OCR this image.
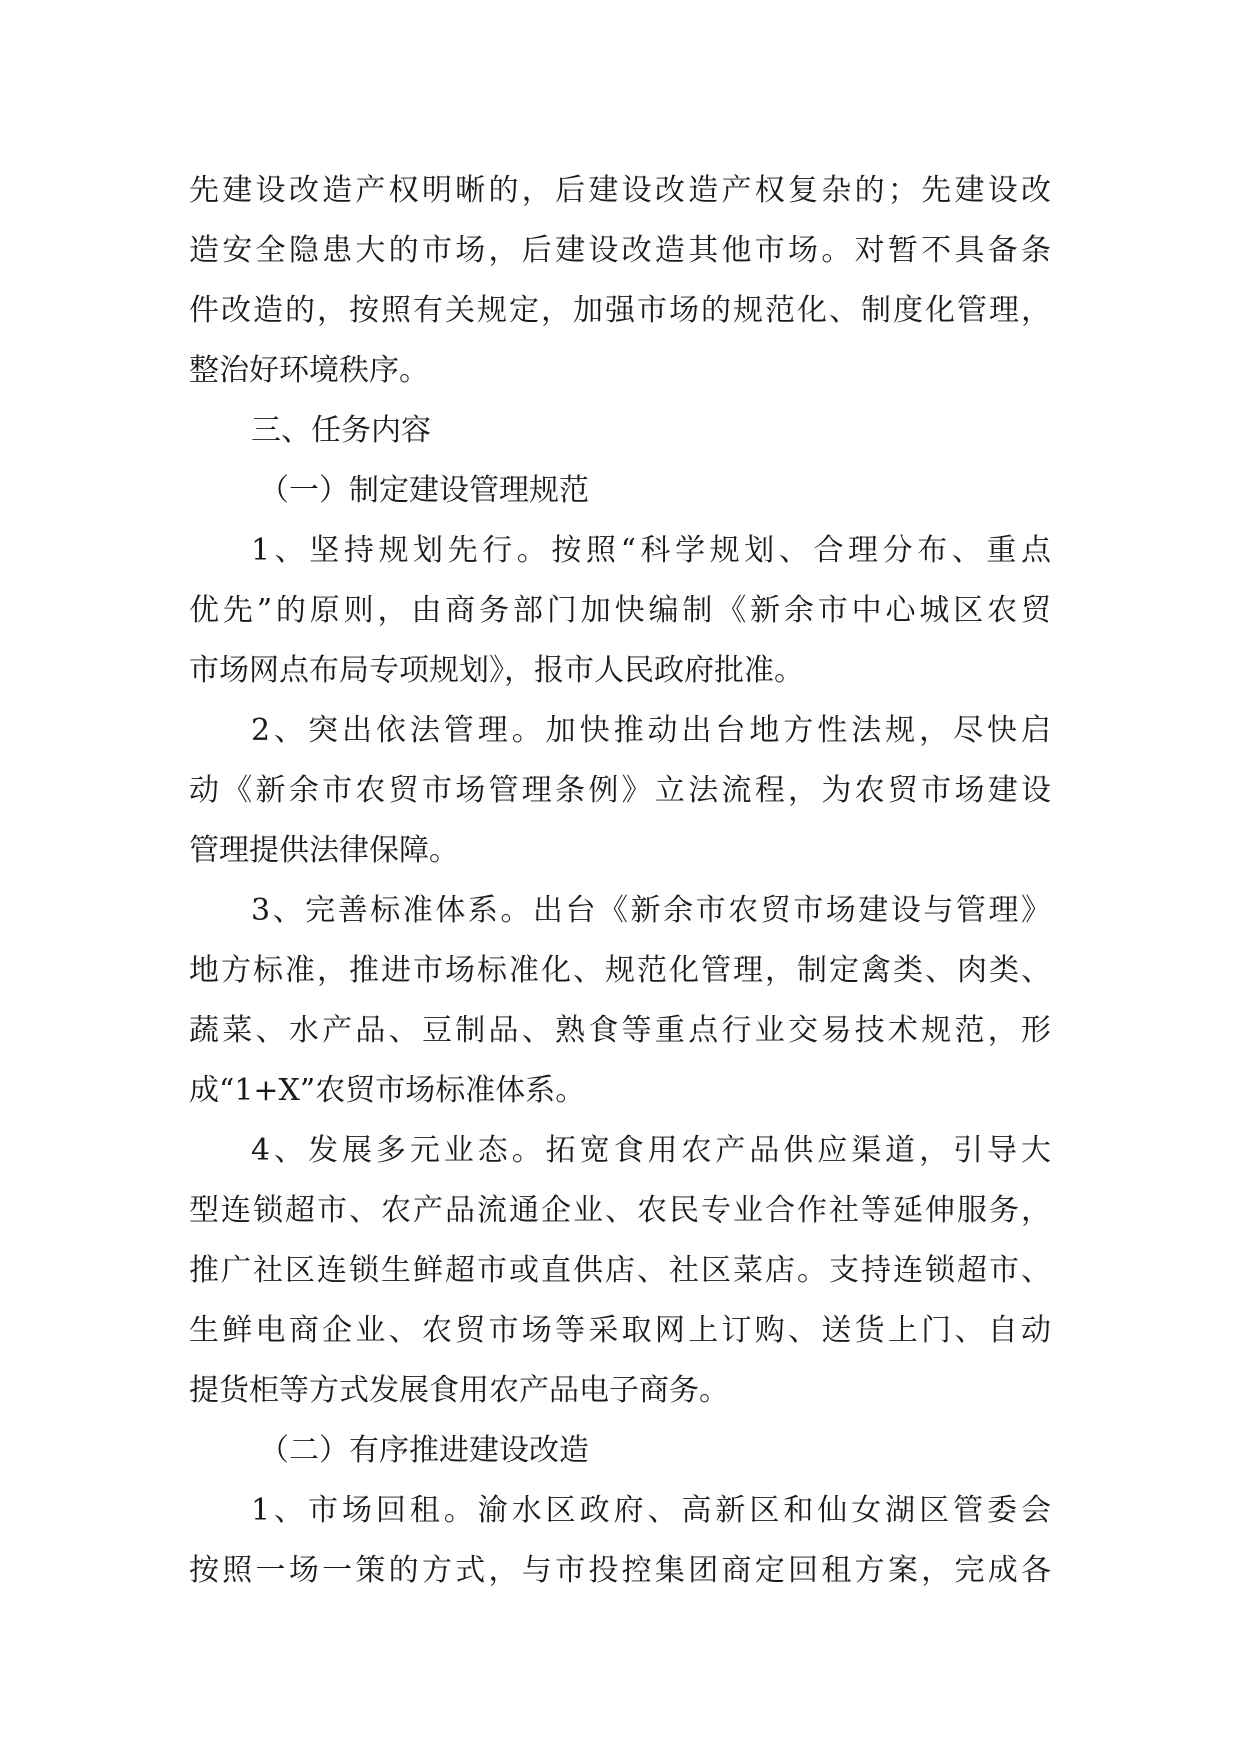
先建设改造产权明晰的，后建设改造产权复杂的；先建设改
造安全隐患大的市场，后建设改造其他市场。对暂不具备条
件改造的，按照有关规定，加强市场的规范化、制度化管理，
整治好环境秩序。
三、任务内容
（一）制定建设管理规范
1、坚持规划先行。按照“科学规划、合理分布、重点
优先”的原则，由商务部门加快编制《新余市中心城区农贸
市场网点布局专项规划》，报市人民政府批准。
2、突出依法管理。加快推动出台地方性法规，尽快启
动《新余市农贸市场管理条例》立法流程，为农贸市场建设
管理提供法律保障。
3、完善标准体系。出台《新余市农贸市场建设与管理》
地方标准，推进市场标准化、规范化管理，制定禽类、肉类、
蔬菜、水产品、豆制品、熟食等重点行业交易技术规范，形
成“1+X”农贸市场标准体系。
4、发展多元业态。拓宽食用农产品供应渠道，引导大
型连锁超市、农产品流通企业、农民专业合作社等延伸服务，
推广社区连锁生鲜超市或直供店、社区菜店。支持连锁超市、
生鲜电商企业、农贸市场等采取网上订购、送货上门、自动
提货柜等方式发展食用农产品电子商务。
（二）有序推进建设改造
1、市场回租。渝水区政府、高新区和仙女湖区管委会
按照一场一策的方式，与市投控集团商定回租方案，完成各
